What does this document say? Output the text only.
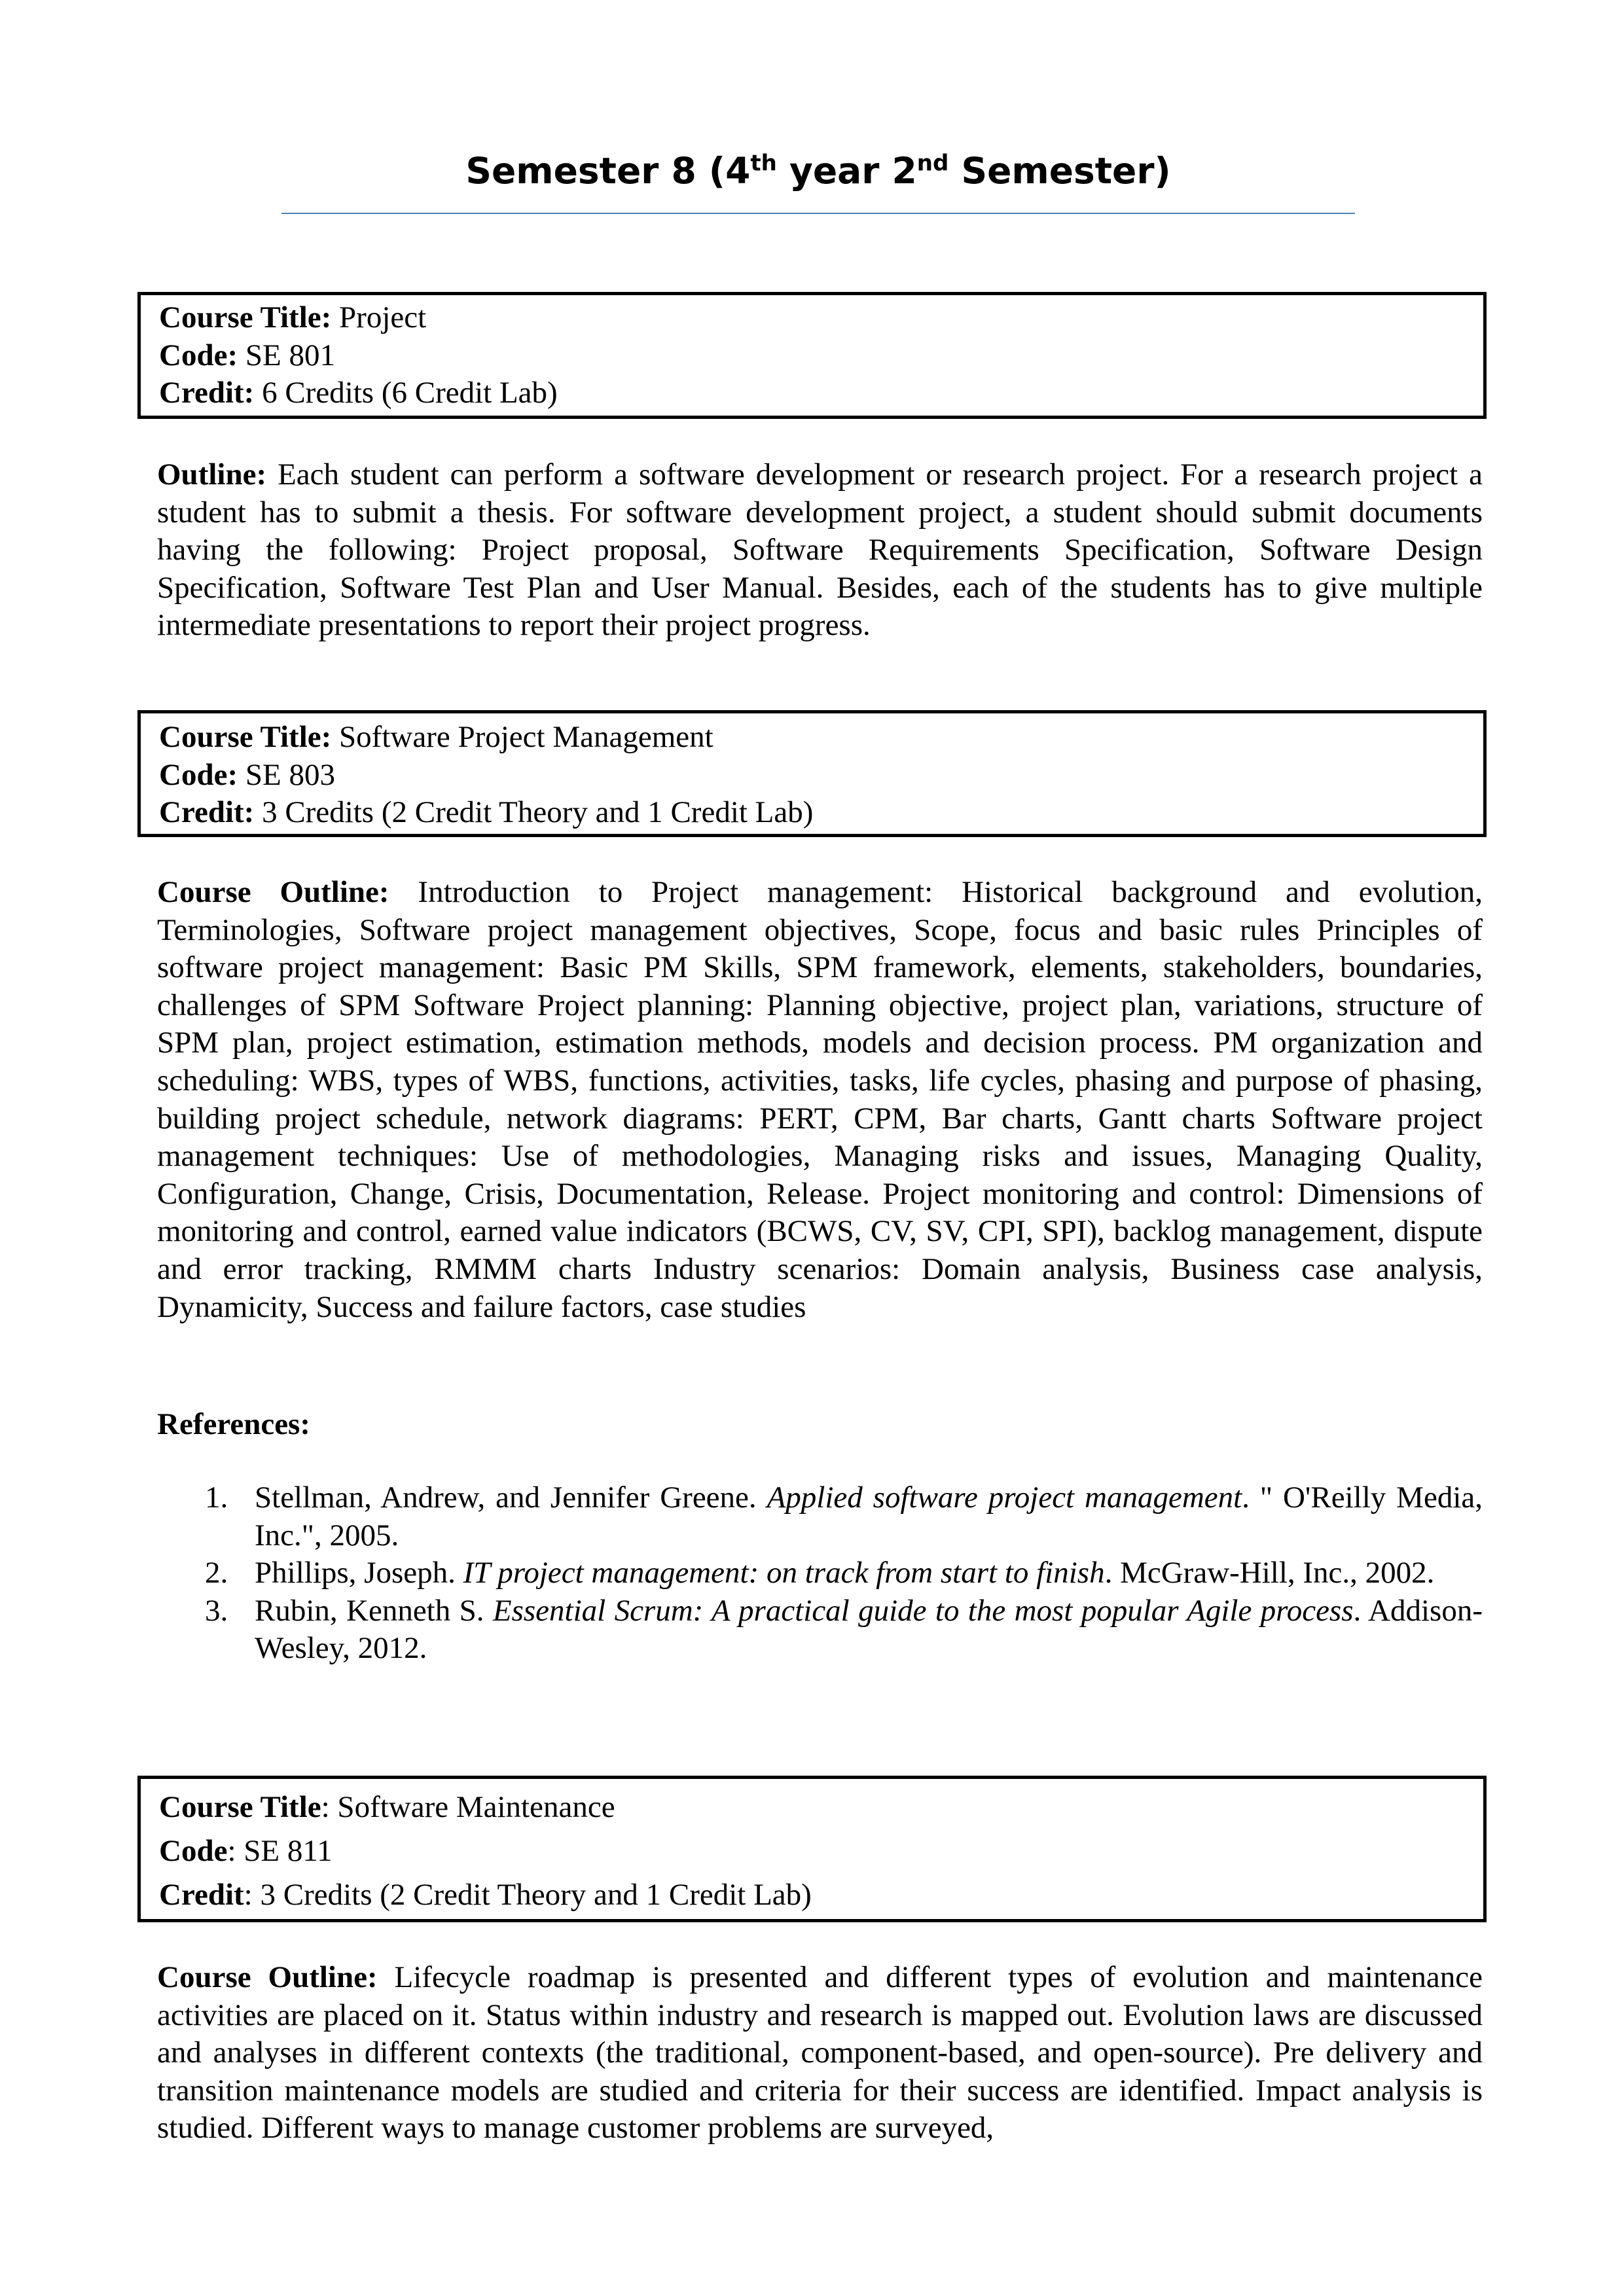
Semester 8 (4th year 2nd Semester)
Course Title: Project
Code: SE 801
Credit: 6 Credits (6 Credit Lab)
Outline: Each student can perform a software development or research project. For a research project a student has to submit a thesis. For software development project, a student should submit documents having the following: Project proposal, Software Requirements Specification, Software Design Specification, Software Test Plan and User Manual. Besides, each of the students has to give multiple intermediate presentations to report their project progress.
Course Title: Software Project Management
Code: SE 803
Credit: 3 Credits (2 Credit Theory and 1 Credit Lab)
Course Outline: Introduction to Project management: Historical background and evolution, Terminologies, Software project management objectives, Scope, focus and basic rules Principles of software project management: Basic PM Skills, SPM framework, elements, stakeholders, boundaries, challenges of SPM Software Project planning: Planning objective, project plan, variations, structure of SPM plan, project estimation, estimation methods, models and decision process. PM organization and scheduling: WBS, types of WBS, functions, activities, tasks, life cycles, phasing and purpose of phasing, building project schedule, network diagrams: PERT, CPM, Bar charts, Gantt charts Software project management techniques: Use of methodologies, Managing risks and issues, Managing Quality, Configuration, Change, Crisis, Documentation, Release. Project monitoring and control: Dimensions of monitoring and control, earned value indicators (BCWS, CV, SV, CPI, SPI), backlog management, dispute and error tracking, RMMM charts Industry scenarios: Domain analysis, Business case analysis, Dynamicity, Success and failure factors, case studies
References:
1. Stellman, Andrew, and Jennifer Greene. Applied software project management. " O'Reilly Media, Inc.", 2005.
2. Phillips, Joseph. IT project management: on track from start to finish. McGraw-Hill, Inc., 2002.
3. Rubin, Kenneth S. Essential Scrum: A practical guide to the most popular Agile process. Addison-Wesley, 2012.
Course Title: Software Maintenance
Code: SE 811
Credit: 3 Credits (2 Credit Theory and 1 Credit Lab)
Course Outline: Lifecycle roadmap is presented and different types of evolution and maintenance activities are placed on it. Status within industry and research is mapped out. Evolution laws are discussed and analyses in different contexts (the traditional, component-based, and open-source). Pre delivery and transition maintenance models are studied and criteria for their success are identified. Impact analysis is studied. Different ways to manage customer problems are surveyed,
